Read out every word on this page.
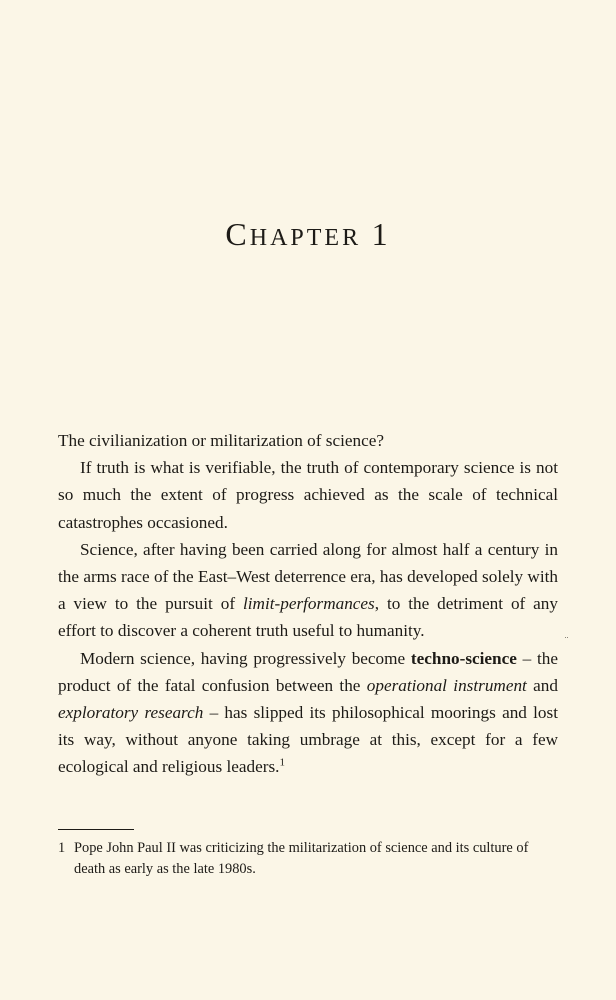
CHAPTER 1

The civilianization or militarization of science?

If truth is what is verifiable, the truth of contemporary science is not so much the extent of progress achieved as the scale of technical catastrophes occasioned.

Science, after having been carried along for almost half a century in the arms race of the East–West deterrence era, has developed solely with a view to the pursuit of limit-performances, to the detriment of any effort to discover a coherent truth useful to humanity.

Modern science, having progressively become techno-science – the product of the fatal confusion between the operational instrument and exploratory research – has slipped its philosophical moorings and lost its way, without anyone taking umbrage at this, except for a few ecological and religious leaders.$^1$

1 Pope John Paul II was criticizing the militarization of science and its culture of death as early as the late 1980s.
